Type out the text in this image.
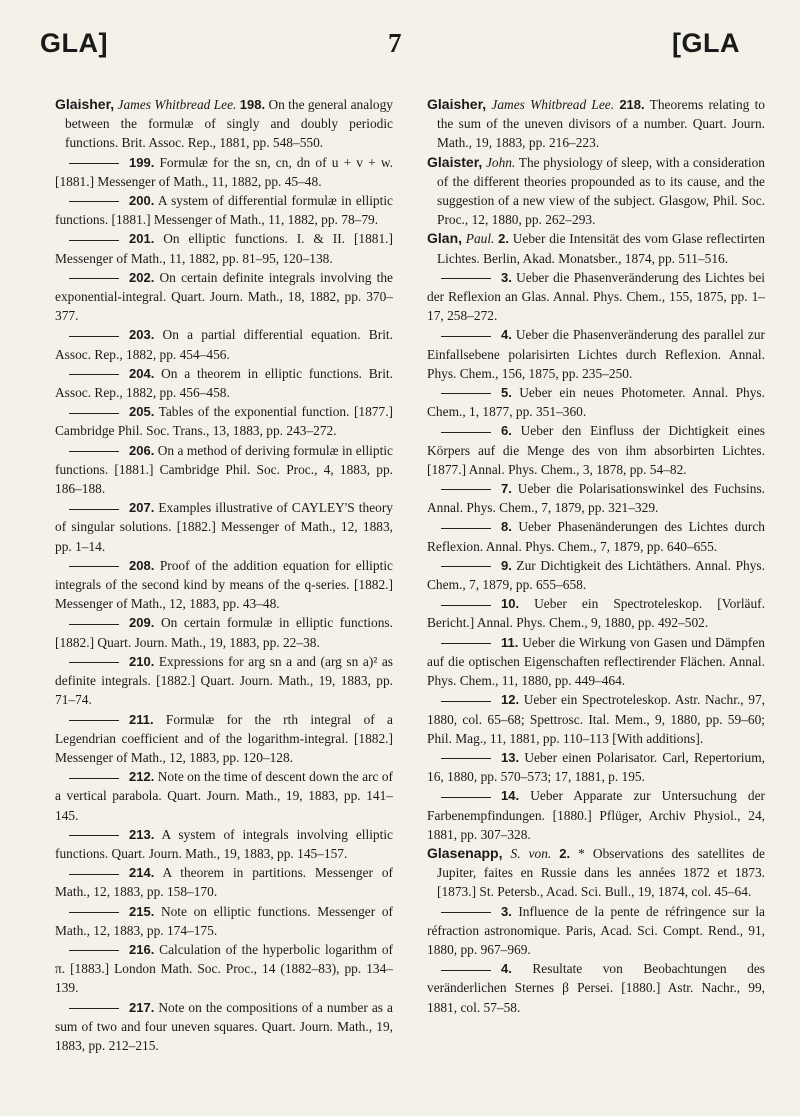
GLA]	7	[GLA

Glaisher, James Whitbread Lee. 198. On the general analogy between the formulæ of singly and doubly periodic functions. Brit. Assoc. Rep., 1881, pp. 548–550.

199. Formulæ for the sn, cn, dn of u + v + w. [1881.] Messenger of Math., 11, 1882, pp. 45–48.

200. A system of differential formulæ in elliptic functions. [1881.] Messenger of Math., 11, 1882, pp. 78–79.

201. On elliptic functions. I. & II. [1881.] Messenger of Math., 11, 1882, pp. 81–95, 120–138.

202. On certain definite integrals involving the exponential-integral. Quart. Journ. Math., 18, 1882, pp. 370–377.

203. On a partial differential equation. Brit. Assoc. Rep., 1882, pp. 454–456.

204. On a theorem in elliptic functions. Brit. Assoc. Rep., 1882, pp. 456–458.

205. Tables of the exponential function. [1877.] Cambridge Phil. Soc. Trans., 13, 1883, pp. 243–272.

206. On a method of deriving formulæ in elliptic functions. [1881.] Cambridge Phil. Soc. Proc., 4, 1883, pp. 186–188.

207. Examples illustrative of CAYLEY'S theory of singular solutions. [1882.] Messenger of Math., 12, 1883, pp. 1–14.

208. Proof of the addition equation for elliptic integrals of the second kind by means of the q-series. [1882.] Messenger of Math., 12, 1883, pp. 43–48.

209. On certain formulæ in elliptic functions. [1882.] Quart. Journ. Math., 19, 1883, pp. 22–38.

210. Expressions for arg sn a and (arg sn a)² as definite integrals. [1882.] Quart. Journ. Math., 19, 1883, pp. 71–74.

211. Formulæ for the rth integral of a Legendrian coefficient and of the logarithm-integral. [1882.] Messenger of Math., 12, 1883, pp. 120–128.

212. Note on the time of descent down the arc of a vertical parabola. Quart. Journ. Math., 19, 1883, pp. 141–145.

213. A system of integrals involving elliptic functions. Quart. Journ. Math., 19, 1883, pp. 145–157.

214. A theorem in partitions. Messenger of Math., 12, 1883, pp. 158–170.

215. Note on elliptic functions. Messenger of Math., 12, 1883, pp. 174–175.

216. Calculation of the hyperbolic logarithm of π. [1883.] London Math. Soc. Proc., 14 (1882–83), pp. 134–139.

217. Note on the compositions of a number as a sum of two and four uneven squares. Quart. Journ. Math., 19, 1883, pp. 212–215.

Glaisher, James Whitbread Lee. 218. Theorems relating to the sum of the uneven divisors of a number. Quart. Journ. Math., 19, 1883, pp. 216–223.

Glaister, John. The physiology of sleep, with a consideration of the different theories propounded as to its cause, and the suggestion of a new view of the subject. Glasgow, Phil. Soc. Proc., 12, 1880, pp. 262–293.

Glan, Paul. 2. Ueber die Intensität des vom Glase reflectirten Lichtes. Berlin, Akad. Monatsber., 1874, pp. 511–516.

3. Ueber die Phasenveränderung des Lichtes bei der Reflexion an Glas. Annal. Phys. Chem., 155, 1875, pp. 1–17, 258–272.

4. Ueber die Phasenveränderung des parallel zur Einfallsebene polarisirten Lichtes durch Reflexion. Annal. Phys. Chem., 156, 1875, pp. 235–250.

5. Ueber ein neues Photometer. Annal. Phys. Chem., 1, 1877, pp. 351–360.

6. Ueber den Einfluss der Dichtigkeit eines Körpers auf die Menge des von ihm absorbirten Lichtes. [1877.] Annal. Phys. Chem., 3, 1878, pp. 54–82.

7. Ueber die Polarisationswinkel des Fuchsins. Annal. Phys. Chem., 7, 1879, pp. 321–329.

8. Ueber Phasenänderungen des Lichtes durch Reflexion. Annal. Phys. Chem., 7, 1879, pp. 640–655.

9. Zur Dichtigkeit des Lichtäthers. Annal. Phys. Chem., 7, 1879, pp. 655–658.

10. Ueber ein Spectroteleskop. [Vorläuf. Bericht.] Annal. Phys. Chem., 9, 1880, pp. 492–502.

11. Ueber die Wirkung von Gasen und Dämpfen auf die optischen Eigenschaften reflectirender Flächen. Annal. Phys. Chem., 11, 1880, pp. 449–464.

12. Ueber ein Spectroteleskop. Astr. Nachr., 97, 1880, col. 65–68; Spettrosc. Ital. Mem., 9, 1880, pp. 59–60; Phil. Mag., 11, 1881, pp. 110–113 [With additions].

13. Ueber einen Polarisator. Carl, Repertorium, 16, 1880, pp. 570–573; 17, 1881, p. 195.

14. Ueber Apparate zur Untersuchung der Farbenempfindungen. [1880.] Pflüger, Archiv Physiol., 24, 1881, pp. 307–328.

Glasenapp, S. von. 2. * Observations des satellites de Jupiter, faites en Russie dans les années 1872 et 1873. [1873.] St. Petersb., Acad. Sci. Bull., 19, 1874, col. 45–64.

3. Influence de la pente de réfringence sur la réfraction astronomique. Paris, Acad. Sci. Compt. Rend., 91, 1880, pp. 967–969.

4. Resultate von Beobachtungen des veränderlichen Sternes β Persei. [1880.] Astr. Nachr., 99, 1881, col. 57–58.
